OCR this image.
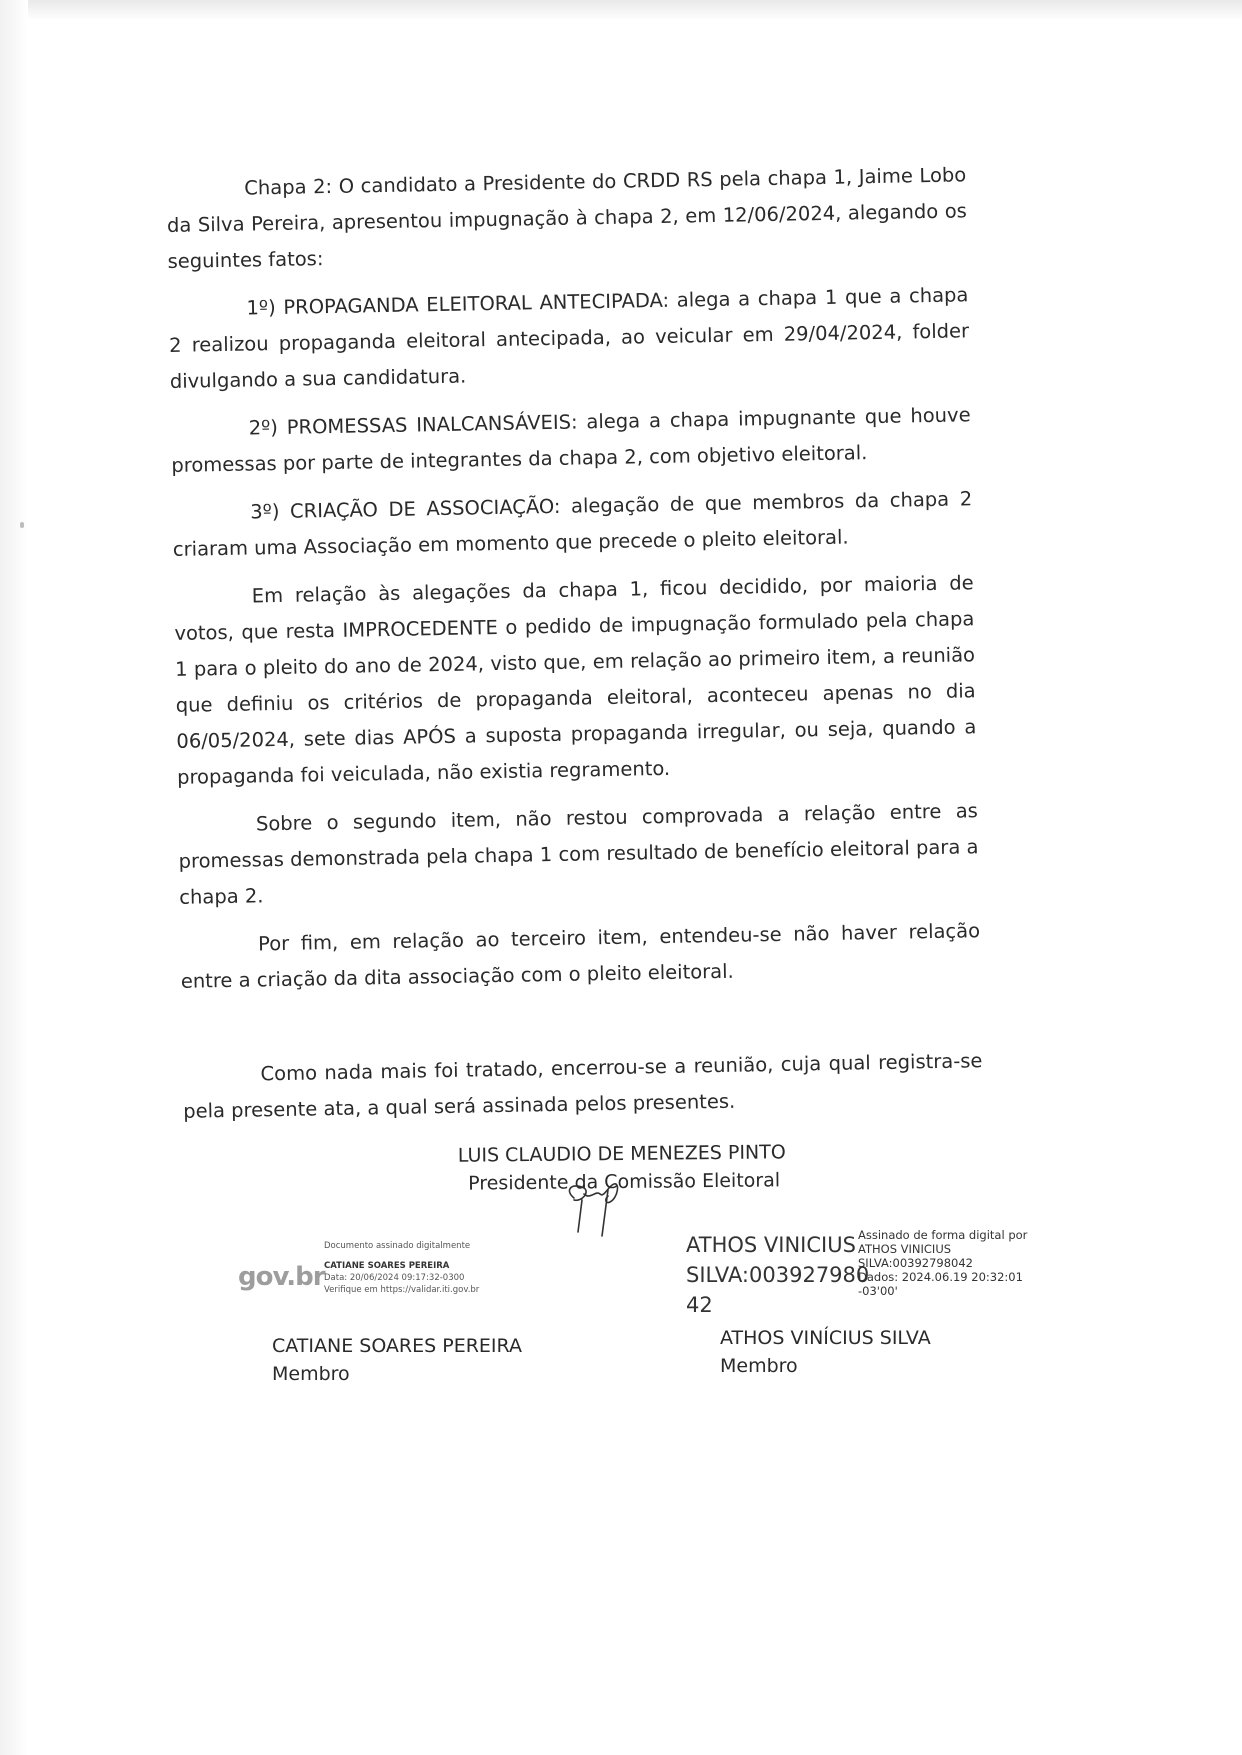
Chapa 2: O candidato a Presidente do CRDD RS pela chapa 1, Jaime Lobo da Silva Pereira, apresentou impugnação à chapa 2, em 12/06/2024, alegando os seguintes fatos:

1º) PROPAGANDA ELEITORAL ANTECIPADA: alega a chapa 1 que a chapa 2 realizou propaganda eleitoral antecipada, ao veicular em 29/04/2024, folder divulgando a sua candidatura.

2º) PROMESSAS INALCANSÁVEIS: alega a chapa impugnante que houve promessas por parte de integrantes da chapa 2, com objetivo eleitoral.

3º) CRIAÇÃO DE ASSOCIAÇÃO: alegação de que membros da chapa 2 criaram uma Associação em momento que precede o pleito eleitoral.

Em relação às alegações da chapa 1, ficou decidido, por maioria de votos, que resta IMPROCEDENTE o pedido de impugnação formulado pela chapa 1 para o pleito do ano de 2024, visto que, em relação ao primeiro item, a reunião que definiu os critérios de propaganda eleitoral, aconteceu apenas no dia 06/05/2024, sete dias APÓS a suposta propaganda irregular, ou seja, quando a propaganda foi veiculada, não existia regramento.

Sobre o segundo item, não restou comprovada a relação entre as promessas demonstrada pela chapa 1 com resultado de benefício eleitoral para a chapa 2.

Por fim, em relação ao terceiro item, entendeu-se não haver relação entre a criação da dita associação com o pleito eleitoral.

Como nada mais foi tratado, encerrou-se a reunião, cuja qual registra-se pela presente ata, a qual será assinada pelos presentes.

LUIS CLAUDIO DE MENEZES PINTO
Presidente da Comissão Eleitoral
gov.br
Documento assinado digitalmente
CATIANE SOARES PEREIRA
Data: 20/06/2024 09:17:32-0300
Verifique em https://validar.iti.gov.br
ATHOS VINICIUS
SILVA:003927980
42
Assinado de forma digital por
ATHOS VINICIUS
SILVA:00392798042
Dados: 2024.06.19 20:32:01
-03'00'
CATIANE SOARES PEREIRA
Membro
ATHOS VINÍCIUS SILVA
Membro
